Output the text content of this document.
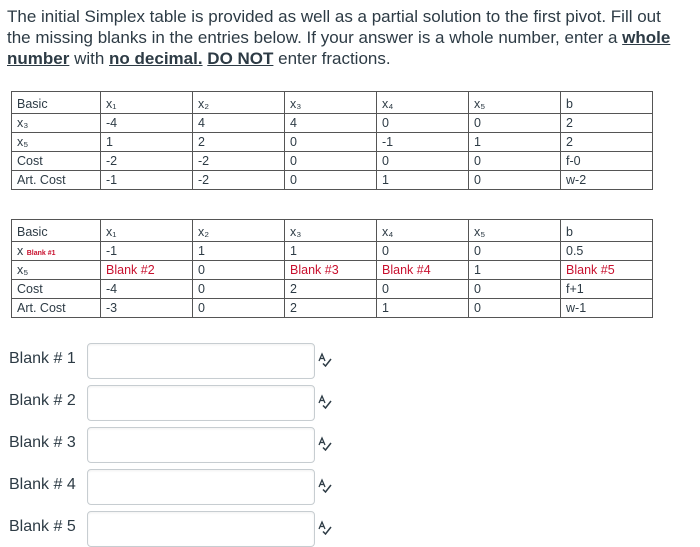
The initial Simplex table is provided as well as a partial solution to the first pivot. Fill out the missing blanks in the entries below. If your answer is a whole number, enter a whole number with no decimal. DO NOT enter fractions.
Basic	x₁	x₂	x₃	x₄	x₅	b
x₃	-4	4	4	0	0	2
x₅	1	2	0	-1	1	2
Cost	-2	-2	0	0	0	f-0
Art. Cost	-1	-2	0	1	0	w-2
Basic	x₁	x₂	x₃	x₄	x₅	b
x Blank #1	-1	1	1	0	0	0.5
x₅	Blank #2	0	Blank #3	Blank #4	1	Blank #5
Cost	-4	0	2	0	0	f+1
Art. Cost	-3	0	2	1	0	w-1
Blank # 1
Blank # 2
Blank # 3
Blank # 4
Blank # 5
